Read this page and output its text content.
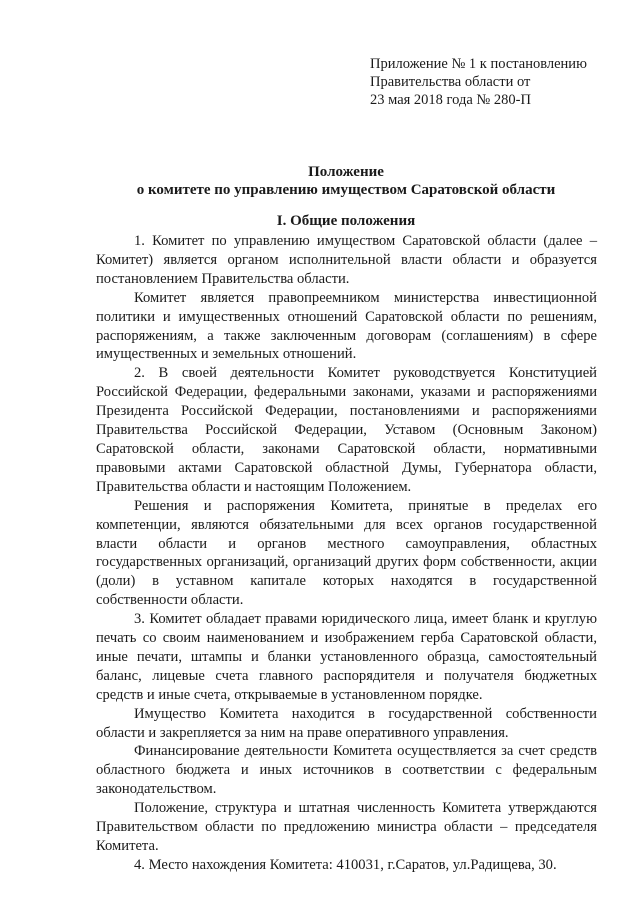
Приложение № 1 к постановлению
Правительства области от
23 мая 2018 года № 280-П
Положение
о комитете по управлению имуществом Саратовской области
I. Общие положения

1. Комитет по управлению имуществом Саратовской области (далее – Комитет) является органом исполнительной власти области и образуется постановлением Правительства области.

Комитет является правопреемником министерства инвестиционной политики и имущественных отношений Саратовской области по решениям, распоряжениям, а также заключенным договорам (соглашениям) в сфере имущественных и земельных отношений.

2. В своей деятельности Комитет руководствуется Конституцией Российской Федерации, федеральными законами, указами и распоряжениями Президента Российской Федерации, постановлениями и распоряжениями Правительства Российской Федерации, Уставом (Основным Законом) Саратовской области, законами Саратовской области, нормативными правовыми актами Саратовской областной Думы, Губернатора области, Правительства области и настоящим Положением.

Решения и распоряжения Комитета, принятые в пределах его компетенции, являются обязательными для всех органов государственной власти области и органов местного самоуправления, областных государственных организаций, организаций других форм собственности, акции (доли) в уставном капитале которых находятся в государственной собственности области.

3. Комитет обладает правами юридического лица, имеет бланк и круглую печать со своим наименованием и изображением герба Саратовской области, иные печати, штампы и бланки установленного образца, самостоятельный баланс, лицевые счета главного распорядителя и получателя бюджетных средств и иные счета, открываемые в установленном порядке.

Имущество Комитета находится в государственной собственности области и закрепляется за ним на праве оперативного управления.

Финансирование деятельности Комитета осуществляется за счет средств областного бюджета и иных источников в соответствии с федеральным законодательством.

Положение, структура и штатная численность Комитета утверждаются Правительством области по предложению министра области – председателя Комитета.

4. Место нахождения Комитета: 410031, г.Саратов, ул.Радищева, 30.
